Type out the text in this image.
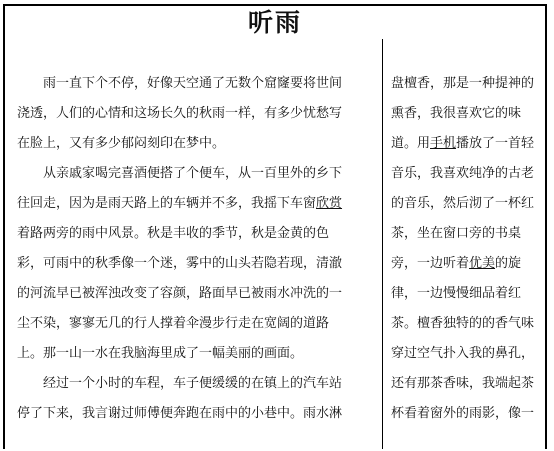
听雨

雨一直下个不停，好像天空通了无数个窟窿要将世间
浇透，人们的心情和这场长久的秋雨一样，有多少忧愁写
在脸上，又有多少郁闷刻印在梦中。

从亲戚家喝完喜酒便搭了个便车，从一百里外的乡下
往回走，因为是雨天路上的车辆并不多，我摇下车窗欣赏
着路两旁的雨中风景。秋是丰收的季节，秋是金黄的色
彩，可雨中的秋季像一个迷，雾中的山头若隐若现，清澈
的河流早已被浑浊改变了容颜，路面早已被雨水冲洗的一
尘不染，寥寥无几的行人撑着伞漫步行走在宽阔的道路
上。那一山一水在我脑海里成了一幅美丽的画面。

经过一个小时的车程，车子便缓缓的在镇上的汽车站
停了下来，我言谢过师傅便奔跑在雨中的小巷中。雨水淋

盘檀香，那是一种提神的
熏香，我很喜欢它的味
道。用手机播放了一首轻
音乐，我喜欢纯净的古老
的音乐，然后沏了一杯红
茶，坐在窗口旁的书桌
旁，一边听着优美的旋
律，一边慢慢细品着红
茶。檀香独特的的香气味
穿过空气扑入我的鼻孔，
还有那茶香味，我端起茶
杯看着窗外的雨影，像一
